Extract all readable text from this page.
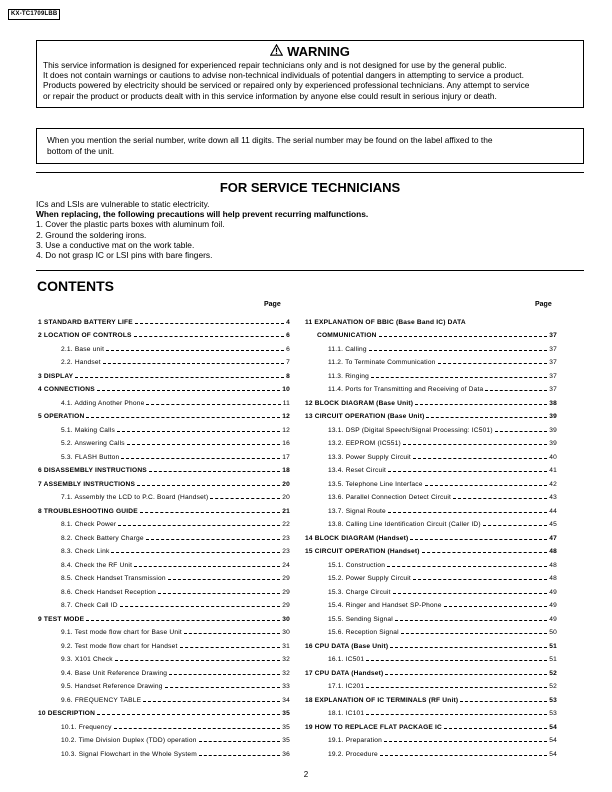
KX-TC1709LBB
WARNING
This service information is designed for experienced repair technicians only and is not designed for use by the general public.
It does not contain warnings or cautions to advise non-technical individuals of potential dangers in attempting to service a product.
Products powered by electricity should be serviced or repaired only by experienced professional technicians. Any attempt to service
or repair the product or products dealt with in this service information by anyone else could result in serious injury or death.
When you mention the serial number, write down all 11 digits. The serial number may be found on the label affixed to the
bottom of the unit.
FOR SERVICE TECHNICIANS
ICs and LSIs are vulnerable to static electricity.
When replacing, the following precautions will help prevent recurring malfunctions.
1. Cover the plastic parts boxes with aluminum foil.
2. Ground the soldering irons.
3. Use a conductive mat on the work table.
4. Do not grasp IC or LSI pins with bare fingers.
CONTENTS
Page	Page
1 STANDARD BATTERY LIFE	4
2 LOCATION OF CONTROLS	6
2.1. Base unit	6
2.2. Handset	7
3 DISPLAY	8
4 CONNECTIONS	10
4.1. Adding Another Phone	11
5 OPERATION	12
5.1. Making Calls	12
5.2. Answering Calls	16
5.3. FLASH Button	17
6 DISASSEMBLY INSTRUCTIONS	18
7 ASSEMBLY INSTRUCTIONS	20
7.1. Assembly the LCD to P.C. Board (Handset)	20
8 TROUBLESHOOTING GUIDE	21
8.1. Check Power	22
8.2. Check Battery Charge	23
8.3. Check Link	23
8.4. Check the RF Unit	24
8.5. Check Handset Transmission	29
8.6. Check Handset Reception	29
8.7. Check Call ID	29
9 TEST MODE	30
9.1. Test mode flow chart for Base Unit	30
9.2. Test mode flow chart for Handset	31
9.3. X101 Check	32
9.4. Base Unit Reference Drawing	32
9.5. Handset Reference Drawing	33
9.6. FREQUENCY TABLE	34
10 DESCRIPTION	35
10.1. Frequency	35
10.2. Time Division Duplex (TDD) operation	35
10.3. Signal Flowchart in the Whole System	36
11 EXPLANATION OF BBIC (Base Band IC) DATA
COMMUNICATION	37
11.1. Calling	37
11.2. To Terminate Communication	37
11.3. Ringing	37
11.4. Ports for Transmitting and Receiving of Data	37
12 BLOCK DIAGRAM (Base Unit)	38
13 CIRCUIT OPERATION (Base Unit)	39
13.1. DSP (Digital Speech/Signal Processing: IC501)	39
13.2. EEPROM (IC551)	39
13.3. Power Supply Circuit	40
13.4. Reset Circuit	41
13.5. Telephone Line Interface	42
13.6. Parallel Connection Detect Circuit	43
13.7. Signal Route	44
13.8. Calling Line Identification Circuit (Caller ID)	45
14 BLOCK DIAGRAM (Handset)	47
15 CIRCUIT OPERATION (Handset)	48
15.1. Construction	48
15.2. Power Supply Circuit	48
15.3. Charge Circuit	49
15.4. Ringer and Handset SP-Phone	49
15.5. Sending Signal	49
15.6. Reception Signal	50
16 CPU DATA (Base Unit)	51
16.1. IC501	51
17 CPU DATA (Handset)	52
17.1. IC201	52
18 EXPLANATION OF IC TERMINALS (RF Unit)	53
18.1. IC101	53
19 HOW TO REPLACE FLAT PACKAGE IC	54
19.1. Preparation	54
19.2. Procedure	54
2
